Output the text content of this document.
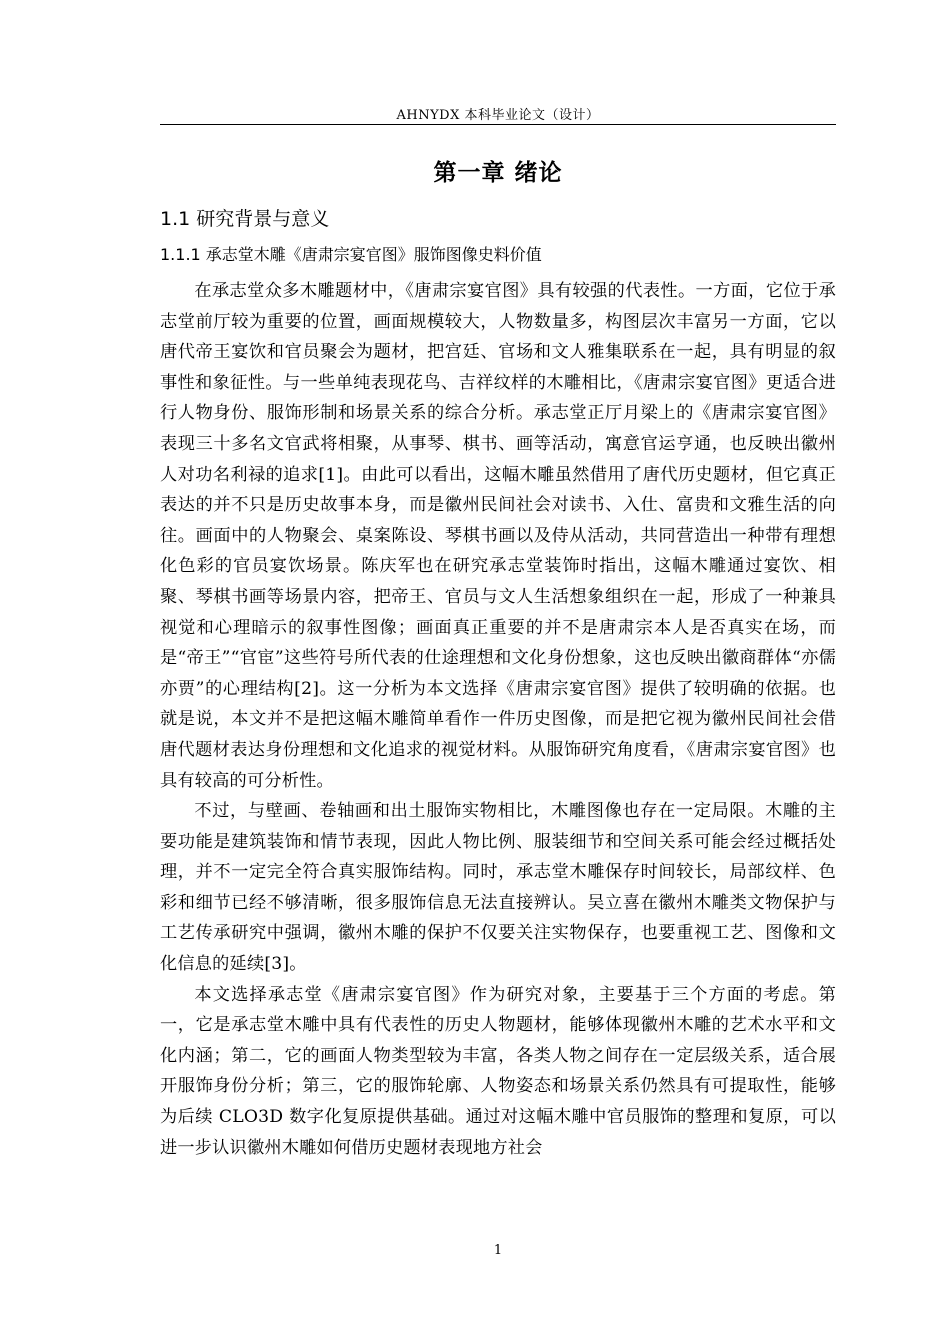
AHNYDX 本科毕业论文（设计）
第一章 绪论
1.1 研究背景与意义
1.1.1 承志堂木雕《唐肃宗宴官图》服饰图像史料价值

在承志堂众多木雕题材中，《唐肃宗宴官图》具有较强的代表性。一方面，它位于承志堂前厅较为重要的位置，画面规模较大，人物数量多，构图层次丰富另一方面，它以唐代帝王宴饮和官员聚会为题材，把宫廷、官场和文人雅集联系在一起，具有明显的叙事性和象征性。与一些单纯表现花鸟、吉祥纹样的木雕相比，《唐肃宗宴官图》更适合进行人物身份、服饰形制和场景关系的综合分析。承志堂正厅月梁上的《唐肃宗宴官图》表现三十多名文官武将相聚，从事琴、棋书、画等活动，寓意官运亨通，也反映出徽州人对功名利禄的追求[1]。由此可以看出，这幅木雕虽然借用了唐代历史题材，但它真正表达的并不只是历史故事本身，而是徽州民间社会对读书、入仕、富贵和文雅生活的向往。画面中的人物聚会、桌案陈设、琴棋书画以及侍从活动，共同营造出一种带有理想化色彩的官员宴饮场景。陈庆军也在研究承志堂装饰时指出，这幅木雕通过宴饮、相聚、琴棋书画等场景内容，把帝王、官员与文人生活想象组织在一起，形成了一种兼具视觉和心理暗示的叙事性图像；画面真正重要的并不是唐肃宗本人是否真实在场，而是“帝王”“官宦”这些符号所代表的仕途理想和文化身份想象，这也反映出徽商群体“亦儒亦贾”的心理结构[2]。这一分析为本文选择《唐肃宗宴官图》提供了较明确的依据。也就是说，本文并不是把这幅木雕简单看作一件历史图像，而是把它视为徽州民间社会借唐代题材表达身份理想和文化追求的视觉材料。从服饰研究角度看，《唐肃宗宴官图》也具有较高的可分析性。

不过，与壁画、卷轴画和出土服饰实物相比，木雕图像也存在一定局限。木雕的主要功能是建筑装饰和情节表现，因此人物比例、服装细节和空间关系可能会经过概括处理，并不一定完全符合真实服饰结构。同时，承志堂木雕保存时间较长，局部纹样、色彩和细节已经不够清晰，很多服饰信息无法直接辨认。吴立喜在徽州木雕类文物保护与工艺传承研究中强调，徽州木雕的保护不仅要关注实物保存，也要重视工艺、图像和文化信息的延续[3]。

本文选择承志堂《唐肃宗宴官图》作为研究对象，主要基于三个方面的考虑。第一，它是承志堂木雕中具有代表性的历史人物题材，能够体现徽州木雕的艺术水平和文化内涵；第二，它的画面人物类型较为丰富，各类人物之间存在一定层级关系，适合展开服饰身份分析；第三，它的服饰轮廓、人物姿态和场景关系仍然具有可提取性，能够为后续 CLO3D 数字化复原提供基础。通过对这幅木雕中官员服饰的整理和复原，可以进一步认识徽州木雕如何借历史题材表现地方社会

1
